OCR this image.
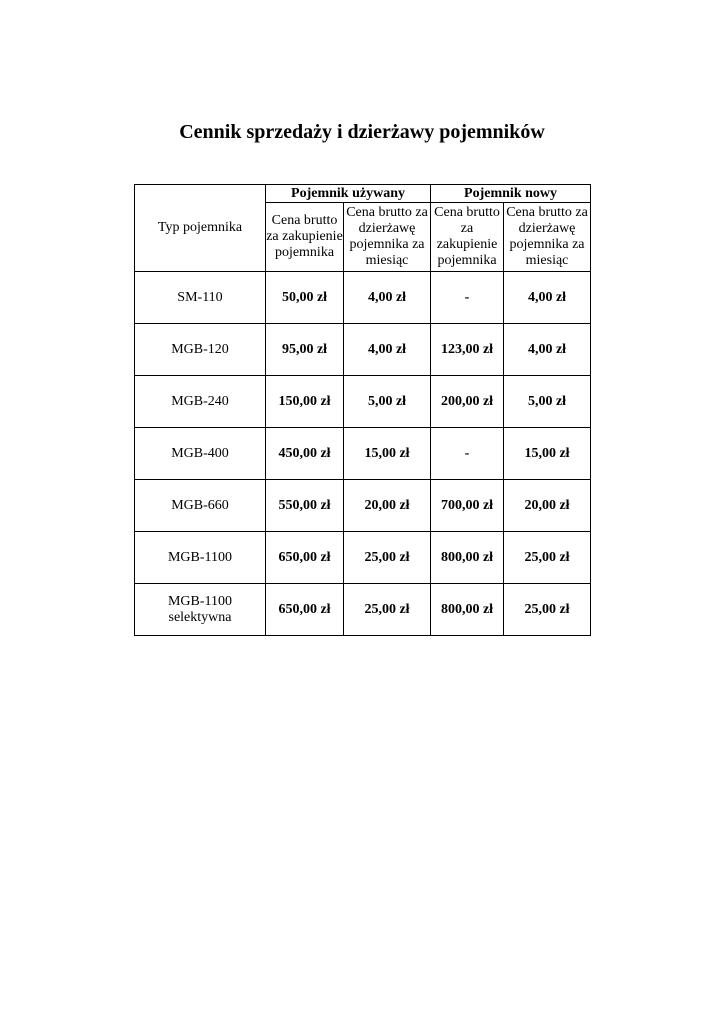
Cennik sprzedaży i dzierżawy pojemników
Typ pojemnika	Pojemnik używany		Pojemnik nowy	
	Cena brutto za zakupienie pojemnika	Cena brutto za dzierżawę pojemnika za miesiąc	Cena brutto za zakupienie pojemnika	Cena brutto za dzierżawę pojemnika za miesiąc
SM-110	50,00 zł	4,00 zł	-	4,00 zł
MGB-120	95,00 zł	4,00 zł	123,00 zł	4,00 zł
MGB-240	150,00 zł	5,00 zł	200,00 zł	5,00 zł
MGB-400	450,00 zł	15,00 zł	-	15,00 zł
MGB-660	550,00 zł	20,00 zł	700,00 zł	20,00 zł
MGB-1100	650,00 zł	25,00 zł	800,00 zł	25,00 zł

MGB-1100 selektywna	650,00 zł	25,00 zł	800,00 zł	25,00 zł
